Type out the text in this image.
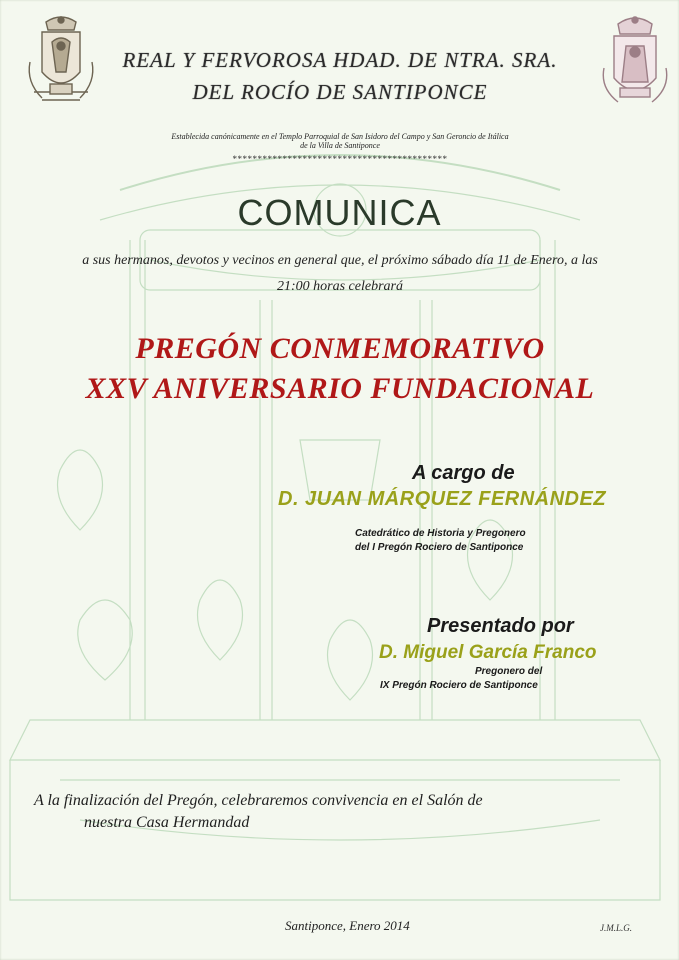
REAL Y FERVOROSA HDAD. DE NTRA. SRA.
DEL ROCÍO DE SANTIPONCE
Establecida canónicamente en el Templo Parroquial de San Isidoro del Campo y San Geroncio de Itálica
de la Villa de Santiponce
*******************************************
COMUNICA
a sus hermanos, devotos y vecinos en general que, el próximo sábado día 11 de Enero, a las
21:00 horas celebrará
PREGÓN CONMEMORATIVO
XXV ANIVERSARIO FUNDACIONAL
A cargo de
D. JUAN MÁRQUEZ FERNÁNDEZ
Catedrático de Historia y Pregonero
del I Pregón Rociero de Santiponce
Presentado por
D. Miguel García Franco
Pregonero del
IX Pregón Rociero de Santiponce
A la finalización del Pregón, celebraremos convivencia en el Salón de
nuestra Casa Hermandad
Santiponce, Enero 2014	J.M.L.G.
